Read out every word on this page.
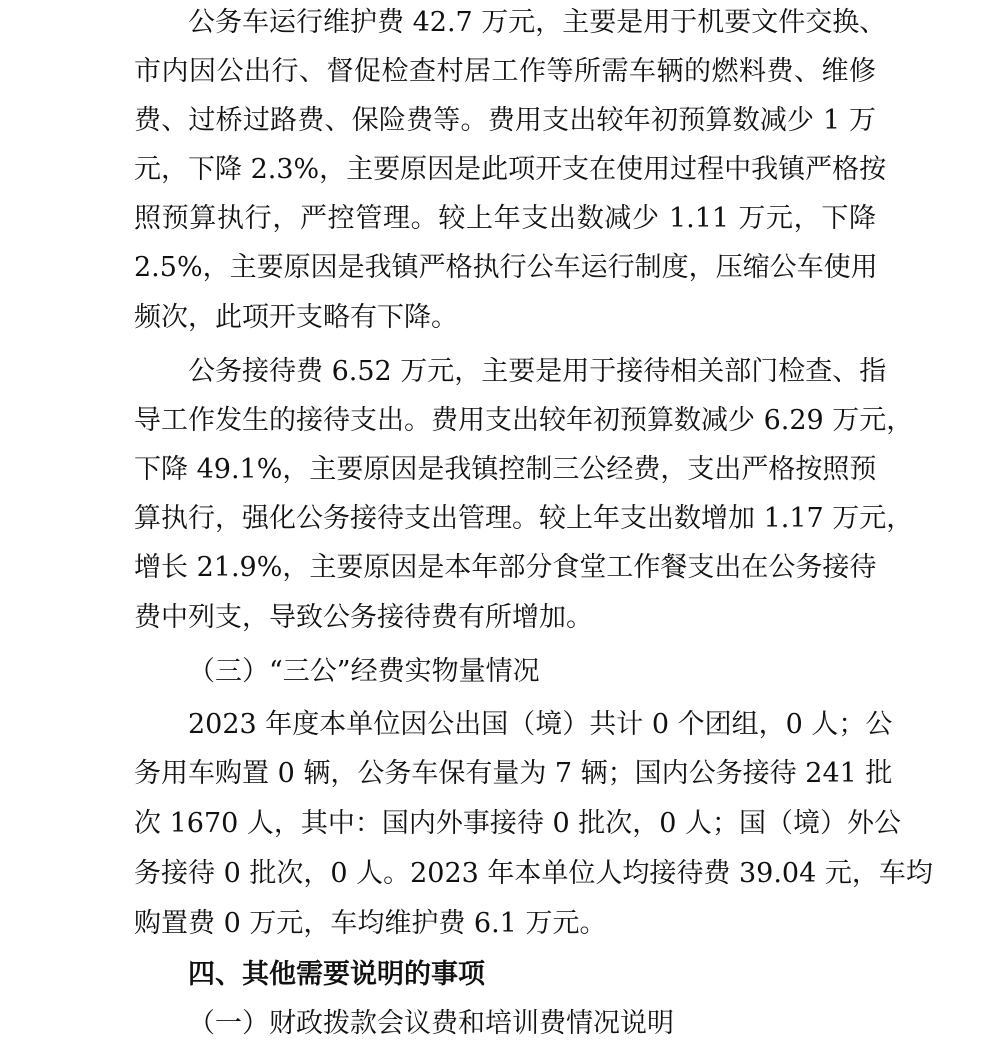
公务车运行维护费 42.7 万元，主要是用于机要文件交换、
市内因公出行、督促检查村居工作等所需车辆的燃料费、维修
费、过桥过路费、保险费等。费用支出较年初预算数减少 1 万
元，下降 2.3%，主要原因是此项开支在使用过程中我镇严格按
照预算执行，严控管理。较上年支出数减少 1.11 万元，下降
2.5%，主要原因是我镇严格执行公车运行制度，压缩公车使用
频次，此项开支略有下降。
公务接待费 6.52 万元，主要是用于接待相关部门检查、指
导工作发生的接待支出。费用支出较年初预算数减少 6.29 万元，
下降 49.1%，主要原因是我镇控制三公经费，支出严格按照预
算执行，强化公务接待支出管理。较上年支出数增加 1.17 万元，
增长 21.9%，主要原因是本年部分食堂工作餐支出在公务接待
费中列支，导致公务接待费有所增加。
（三）“三公”经费实物量情况
2023 年度本单位因公出国（境）共计 0 个团组，0 人；公
务用车购置 0 辆，公务车保有量为 7 辆；国内公务接待 241 批
次 1670 人，其中：国内外事接待 0 批次，0 人；国（境）外公
务接待 0 批次，0 人。2023 年本单位人均接待费 39.04 元，车均
购置费 0 万元，车均维护费 6.1 万元。
四、其他需要说明的事项
（一）财政拨款会议费和培训费情况说明
